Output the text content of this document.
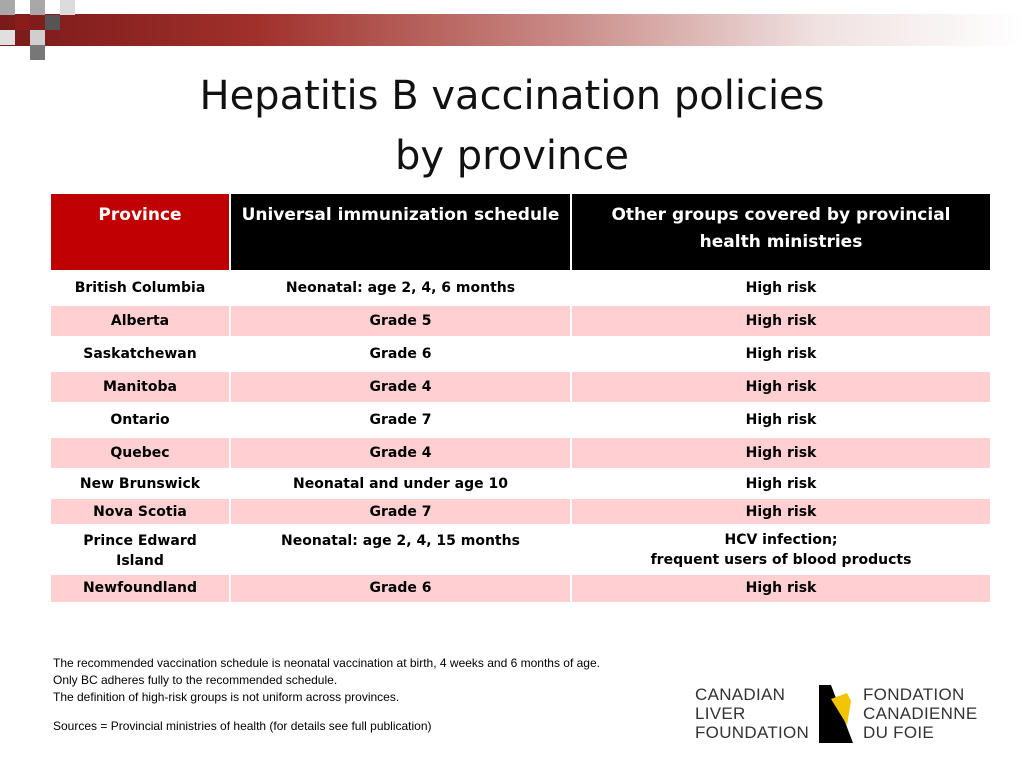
Hepatitis B vaccination policies
by province
Province	Universal immunization schedule	Other groups covered by provincial health ministries
British Columbia	Neonatal: age 2, 4, 6 months	High risk
Alberta	Grade 5	High risk
Saskatchewan	Grade 6	High risk
Manitoba	Grade 4	High risk
Ontario	Grade 7	High risk
Quebec	Grade 4	High risk
New Brunswick	Neonatal and under age 10	High risk
Nova Scotia	Grade 7	High risk
Prince Edward Island	Neonatal: age 2, 4, 15 months	HCV infection;
frequent users of blood products
Newfoundland	Grade 6	High risk
The recommended vaccination schedule is neonatal vaccination at birth, 4 weeks and 6 months of age.
Only BC adheres fully to the recommended schedule.
The definition of high-risk groups is not uniform across provinces.
Sources = Provincial ministries of health (for details see full publication)
CANADIAN
LIVER
FOUNDATION
FONDATION
CANADIENNE
DU FOIE
